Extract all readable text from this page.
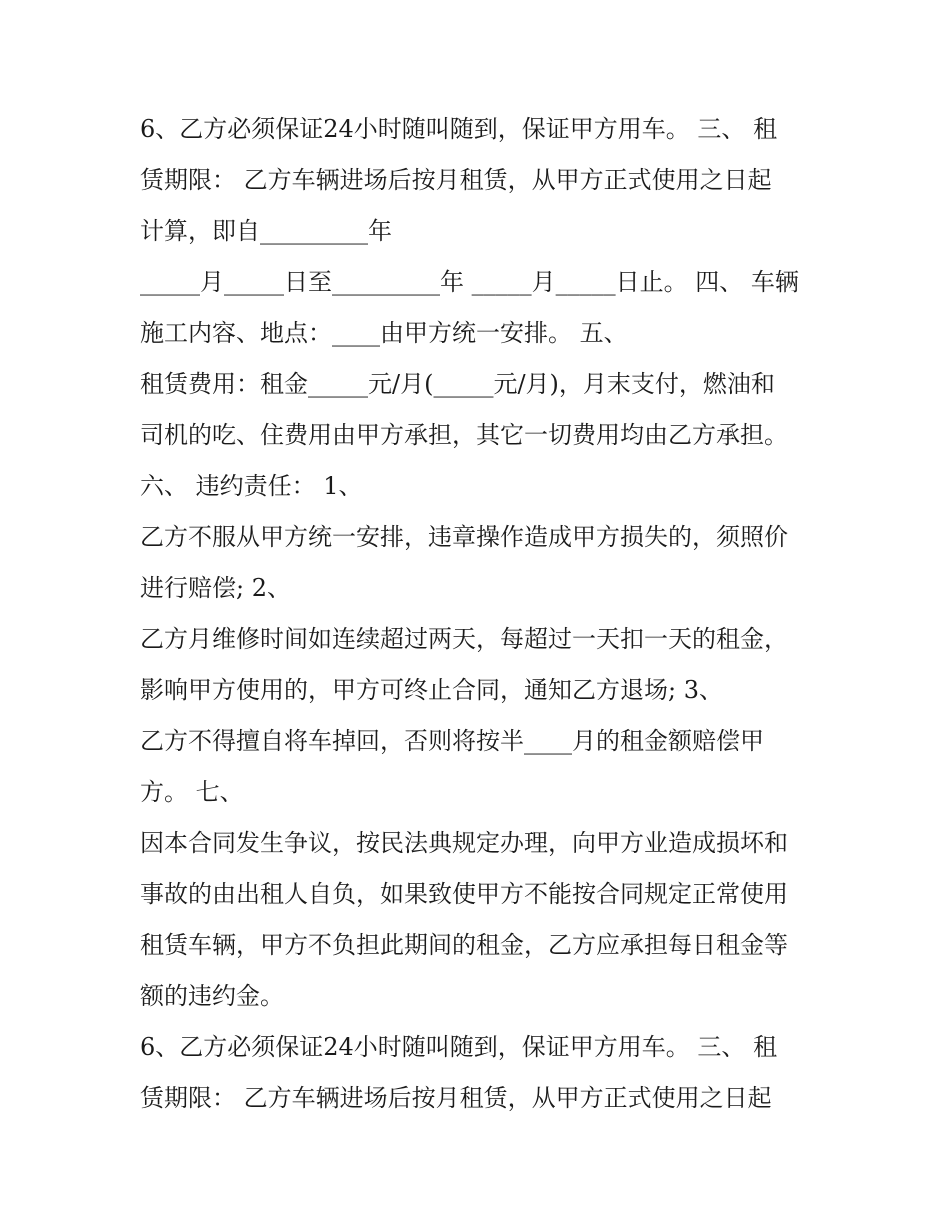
6、乙方必须保证24小时随叫随到，保证甲方用车。 三、 租
赁期限： 乙方车辆进场后按月租赁，从甲方正式使用之日起
计算，即自_________年
_____月_____日至_________年 _____月_____日止。 四、 车辆
施工内容、地点：____由甲方统一安排。 五、
租赁费用：租金_____元/月(_____元/月)，月末支付，燃油和
司机的吃、住费用由甲方承担，其它一切费用均由乙方承担。
六、 违约责任： 1、
乙方不服从甲方统一安排，违章操作造成甲方损失的，须照价
进行赔偿; 2、
乙方月维修时间如连续超过两天，每超过一天扣一天的租金，
影响甲方使用的，甲方可终止合同，通知乙方退场; 3、
乙方不得擅自将车掉回，否则将按半____月的租金额赔偿甲
方。 七、
因本合同发生争议，按民法典规定办理，向甲方业造成损坏和
事故的由出租人自负，如果致使甲方不能按合同规定正常使用
租赁车辆，甲方不负担此期间的租金，乙方应承担每日租金等
额的违约金。
6、乙方必须保证24小时随叫随到，保证甲方用车。 三、 租
赁期限： 乙方车辆进场后按月租赁，从甲方正式使用之日起
